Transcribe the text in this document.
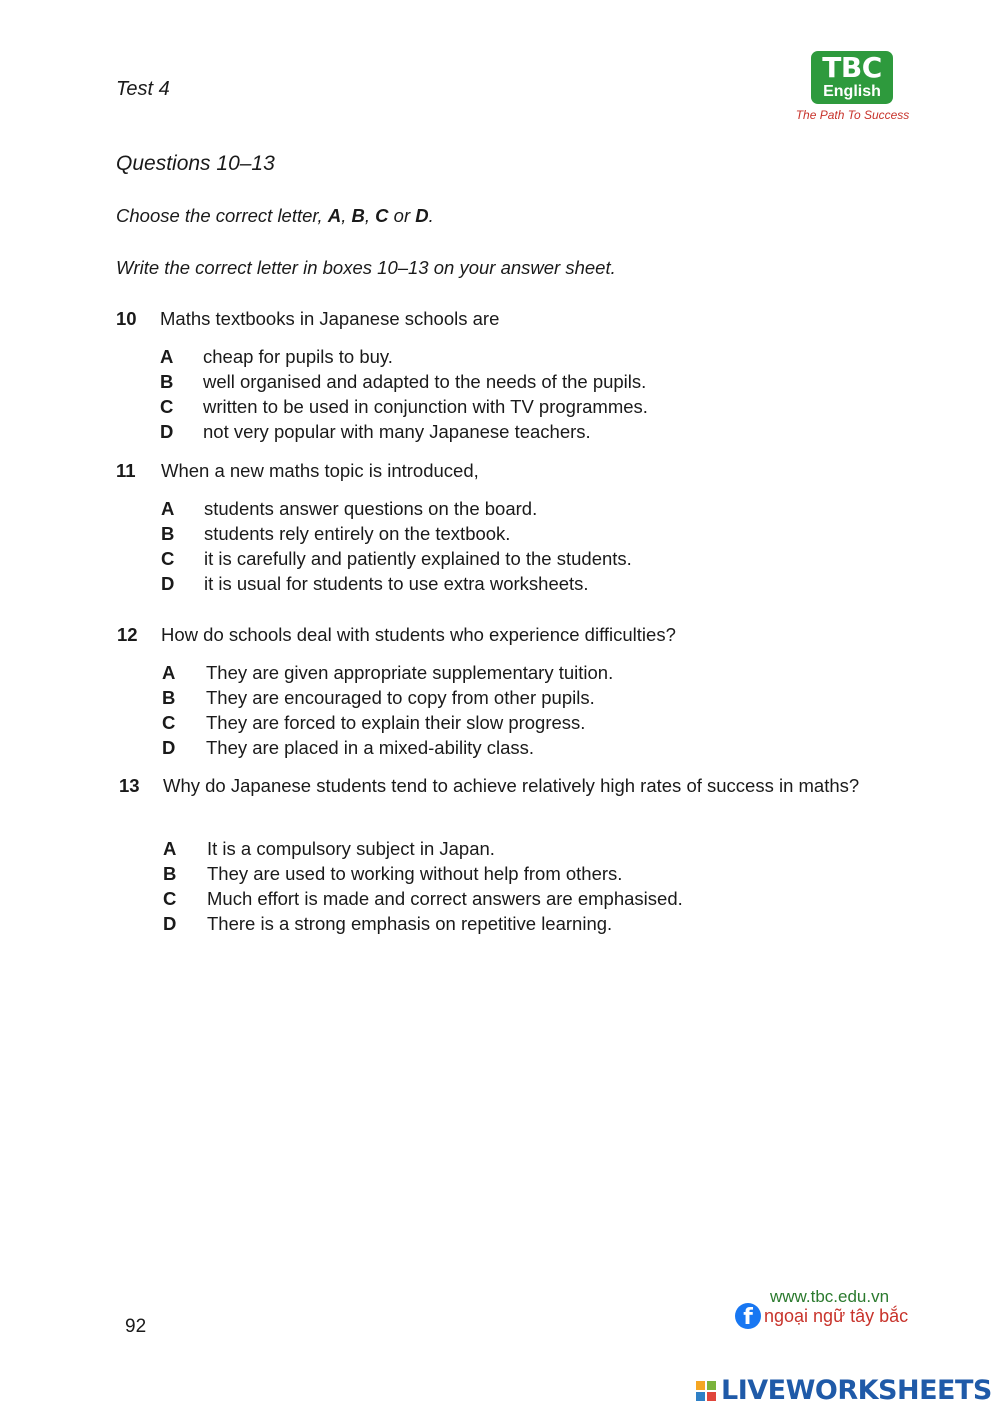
Test 4
TBC
English
The Path To Success
Questions 10–13
Choose the correct letter, A, B, C or D.
Write the correct letter in boxes 10–13 on your answer sheet.
10 Maths textbooks in Japanese schools are
A cheap for pupils to buy.
B well organised and adapted to the needs of the pupils.
C written to be used in conjunction with TV programmes.
D not very popular with many Japanese teachers.
11 When a new maths topic is introduced,
A students answer questions on the board.
B students rely entirely on the textbook.
C it is carefully and patiently explained to the students.
D it is usual for students to use extra worksheets.
12 How do schools deal with students who experience difficulties?
A They are given appropriate supplementary tuition.
B They are encouraged to copy from other pupils.
C They are forced to explain their slow progress.
D They are placed in a mixed-ability class.
13 Why do Japanese students tend to achieve relatively high rates of success in maths?
A It is a compulsory subject in Japan.
B They are used to working without help from others.
C Much effort is made and correct answers are emphasised.
D There is a strong emphasis on repetitive learning.
92
www.tbc.edu.vn
f ngoại ngữ tây bắc
LIVEWORKSHEETS
